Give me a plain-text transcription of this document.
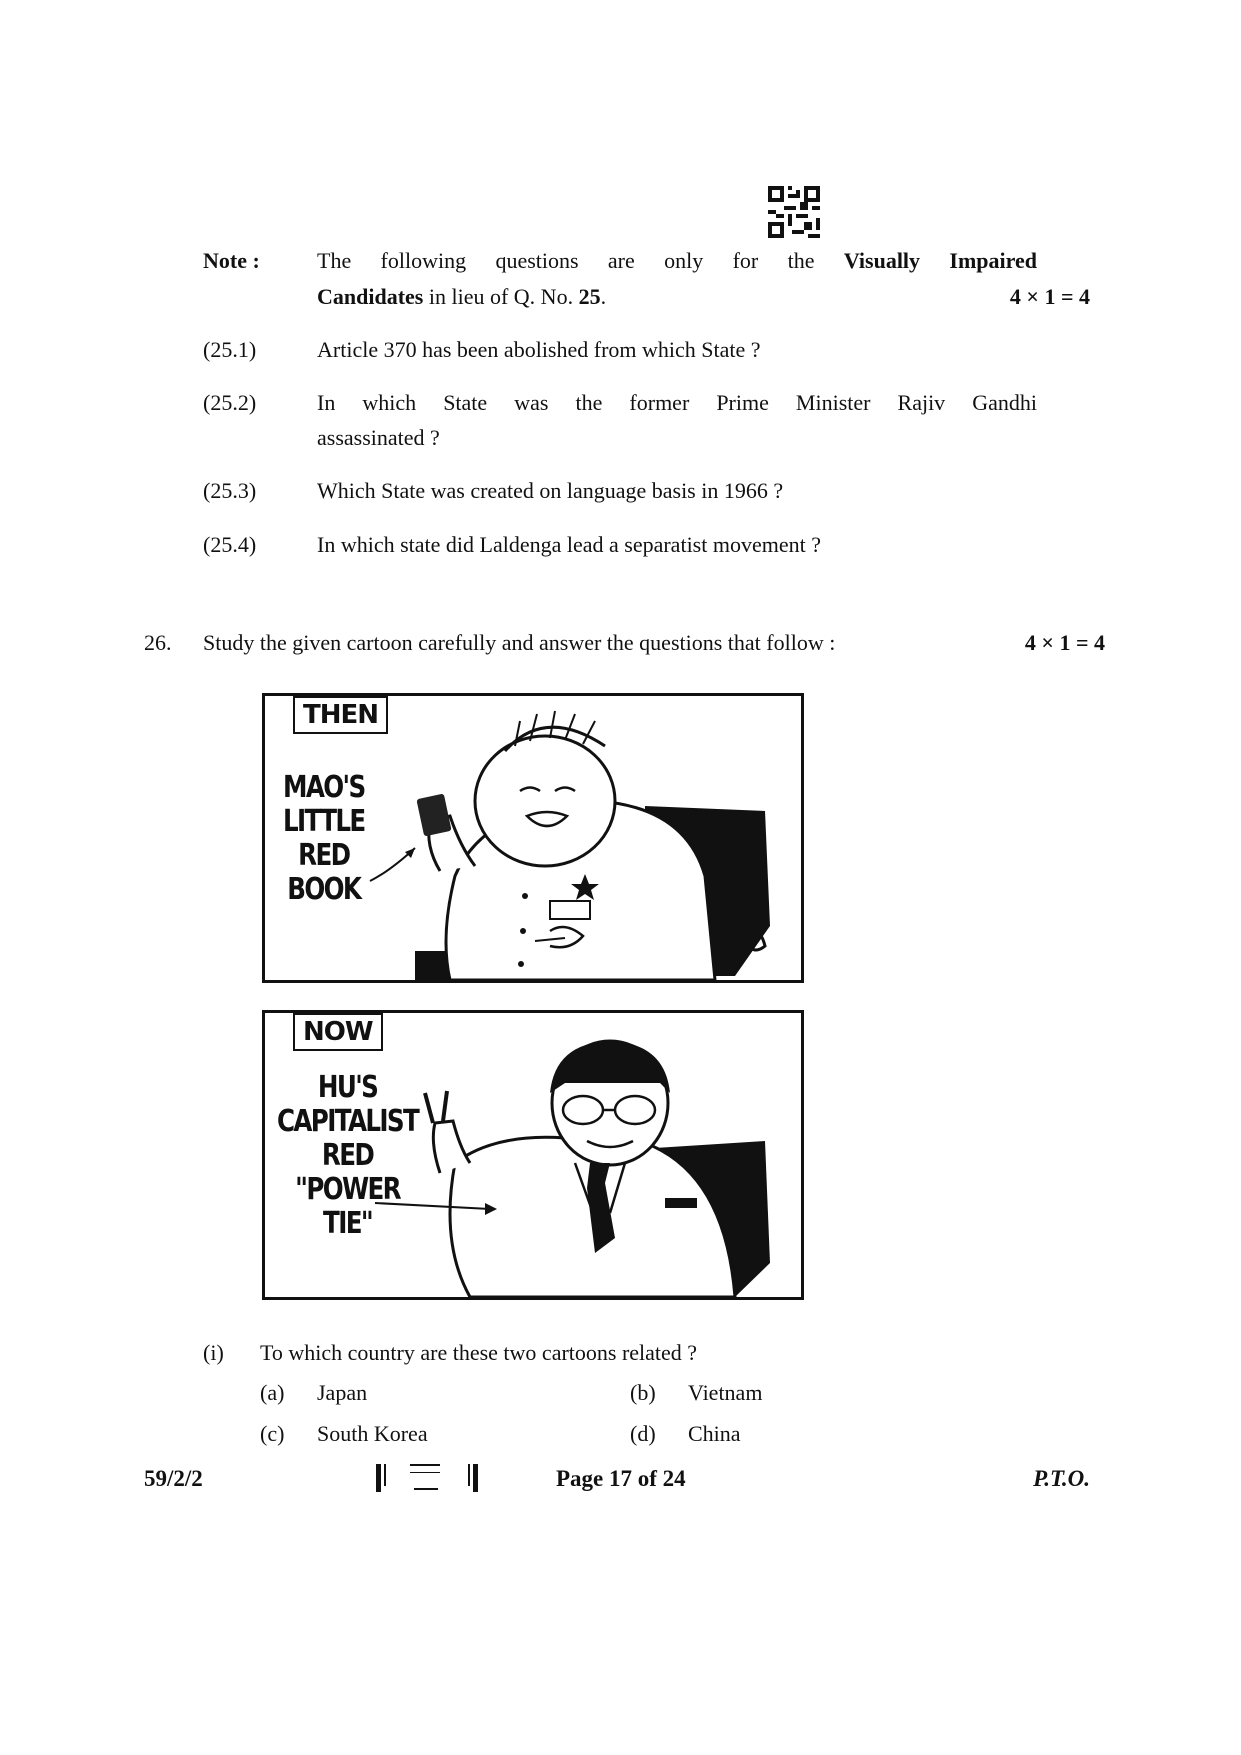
Note :	The following questions are only for the Visually Impaired
Candidates in lieu of Q. No. 25.	4 × 1 = 4
(25.1)	Article 370 has been abolished from which State ?
(25.2)	In which State was the former Prime Minister Rajiv Gandhi
assassinated ?
(25.3)	Which State was created on language basis in 1966 ?
(25.4)	In which state did Laldenga lead a separatist movement ?
26. Study the given cartoon carefully and answer the questions that follow :	4 × 1 = 4
THEN
MAO'S
LITTLE
RED
BOOK
NOW
HU'S
CAPITALIST
RED
"POWER
TIE"
(i) To which country are these two cartoons related ?
(a) Japan	(b) Vietnam
(c) South Korea	(d) China
59/2/2	Page 17 of 24	P.T.O.
